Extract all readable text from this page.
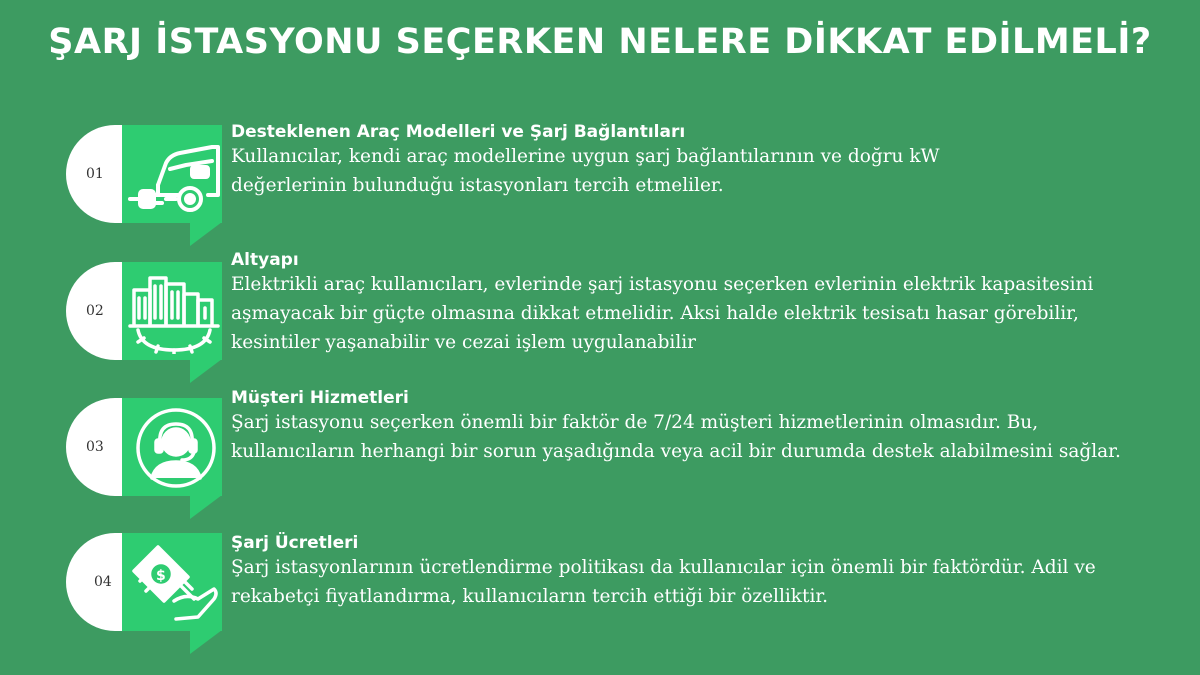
ŞARJ İSTASYONU SEÇERKEN NELERE DİKKAT EDİLMELİ?
01

Desteklenen Araç Modelleri ve Şarj Bağlantıları

Kullanıcılar, kendi araç modellerine uygun şarj bağlantılarının ve doğru kW
değerlerinin bulunduğu istasyonları tercih etmeliler.

02

Altyapı

Elektrikli araç kullanıcıları, evlerinde şarj istasyonu seçerken evlerinin elektrik kapasitesini
aşmayacak bir güçte olmasına dikkat etmelidir. Aksi halde elektrik tesisatı hasar görebilir,
kesintiler yaşanabilir ve cezai işlem uygulanabilir

03

Müşteri Hizmetleri

Şarj istasyonu seçerken önemli bir faktör de 7/24 müşteri hizmetlerinin olmasıdır. Bu,
kullanıcıların herhangi bir sorun yaşadığında veya acil bir durumda destek alabilmesini sağlar.

04	$

Şarj Ücretleri

Şarj istasyonlarının ücretlendirme politikası da kullanıcılar için önemli bir faktördür. Adil ve
rekabetçi fiyatlandırma, kullanıcıların tercih ettiği bir özelliktir.
